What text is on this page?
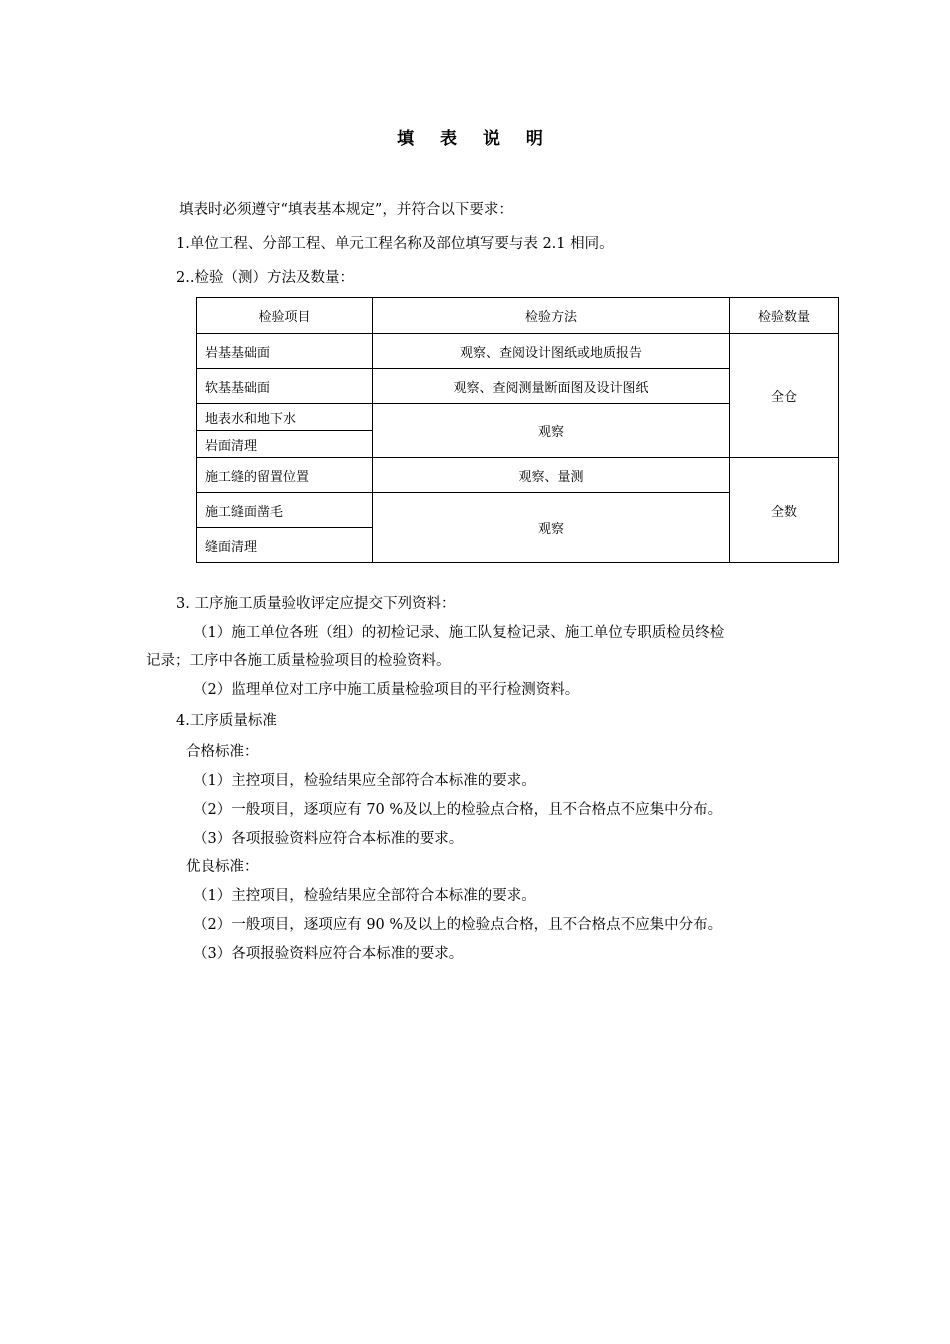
填 表 说 明
填表时必须遵守“填表基本规定”，并符合以下要求：
1.单位工程、分部工程、单元工程名称及部位填写要与表 2.1 相同。
2..检验（测）方法及数量：
检验项目	检验方法	检验数量
岩基基础面	观察、查阅设计图纸或地质报告	全仓
软基基础面	观察、查阅测量断面图及设计图纸	
地表水和地下水	观察	
岩面清理		
施工缝的留置位置	观察、量测	全数
施工缝面凿毛	观察	
缝面清理		
3. 工序施工质量验收评定应提交下列资料：
（1）施工单位各班（组）的初检记录、施工队复检记录、施工单位专职质检员终检
记录；工序中各施工质量检验项目的检验资料。
（2）监理单位对工序中施工质量检验项目的平行检测资料。
4.工序质量标准
合格标准：
（1）主控项目，检验结果应全部符合本标准的要求。
（2）一般项目，逐项应有 70 %及以上的检验点合格，且不合格点不应集中分布。
（3）各项报验资料应符合本标准的要求。
优良标准：
（1）主控项目，检验结果应全部符合本标准的要求。
（2）一般项目，逐项应有 90 %及以上的检验点合格，且不合格点不应集中分布。
（3）各项报验资料应符合本标准的要求。
